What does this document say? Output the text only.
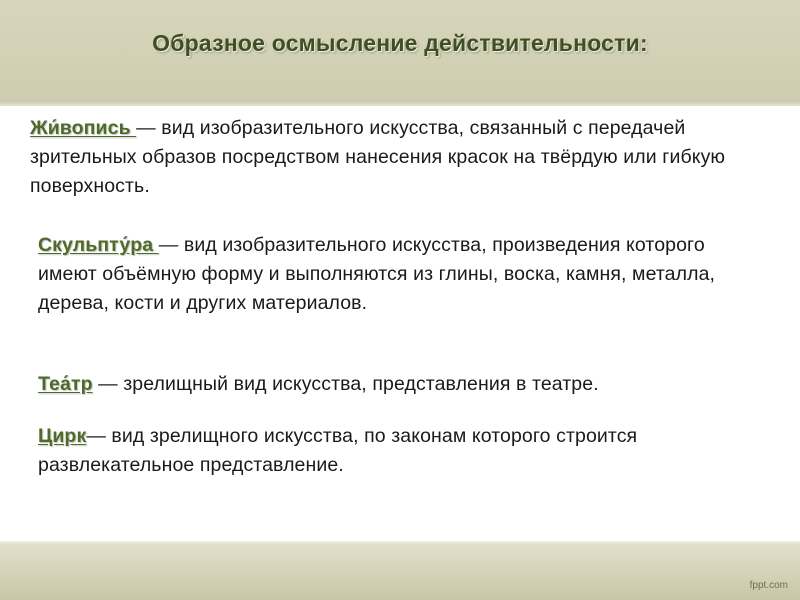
Образное осмысление действительности:

Жи́вопись — вид изобразительного искусства, связанный с передачей зрительных образов посредством нанесения красок на твёрдую или гибкую поверхность.

Скульпту́ра — вид изобразительного искусства, произведения которого имеют объёмную форму и выполняются из глины, воска, камня, металла, дерева, кости и других материалов.

Теа́тр — зрелищный вид искусства, представления в театре.

Цирк— вид зрелищного искусства, по законам которого строится развлекательное представление.

fppt.com
